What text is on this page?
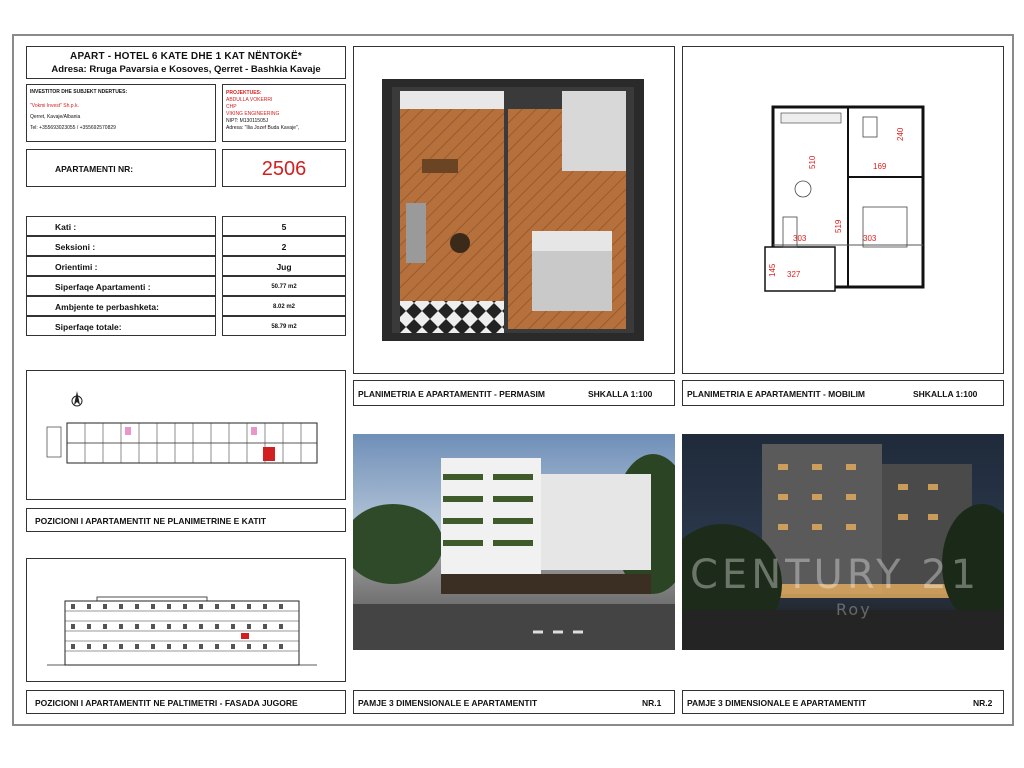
APART - HOTEL 6 KATE DHE 1 KAT NËNTOKË*
Adresa: Rruga Pavarsia e Kosoves, Qerret - Bashkia Kavaje
INVESTITOR DHE SUBJEKT NDERTUES:
"Vokmi Invest" Sh.p.k.
Qerret, Kavaje/Albania
Tel: +355693023055 / +355692570829
PROJEKTUES:
ABDULLA VOKERRI
CHP
VIKING ENGINEERING
NIPT: M13011505J
Adresa: "Ilia Jozef Buda Kavaje",
APARTAMENTI NR:	2506
Kati :	5
Seksioni :	2
Orientimi :	Jug
Siperfaqe Apartamenti :	50.77 m2
Ambjente te perbashketa:	8.02 m2
Siperfaqe totale:	58.79 m2
POZICIONI I APARTAMENTIT NE PLANIMETRINE E KATIT
POZICIONI I APARTAMENTIT NE PALTIMETRI - FASADA JUGORE
PLANIMETRIA E APARTAMENTIT - PERMASIM	SHKALLA 1:100
169
240
510
519
303	303
327
145
PLANIMETRIA E APARTAMENTIT - MOBILIM	SHKALLA 1:100
PAMJE 3 DIMENSIONALE E APARTAMENTIT	NR.1
CENTURY 21
Roy
PAMJE 3 DIMENSIONALE E APARTAMENTIT	NR.2
